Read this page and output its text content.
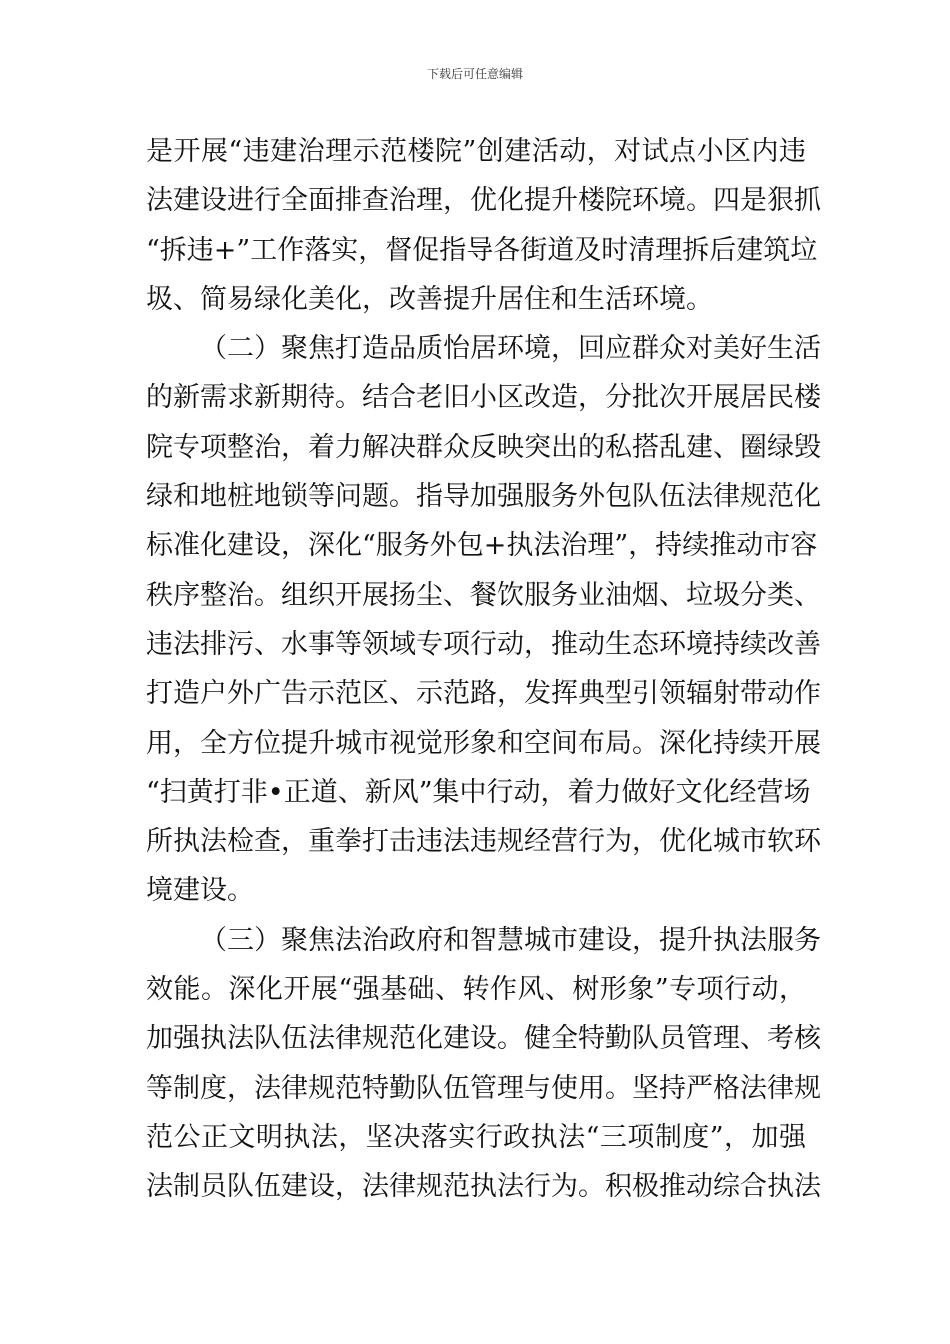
下载后可任意编辑
是开展“违建治理示范楼院”创建活动，对试点小区内违
法建设进行全面排查治理，优化提升楼院环境。四是狠抓
“拆违+”工作落实，督促指导各街道及时清理拆后建筑垃
圾、简易绿化美化，改善提升居住和生活环境。
（二）聚焦打造品质怡居环境，回应群众对美好生活
的新需求新期待。结合老旧小区改造，分批次开展居民楼
院专项整治，着力解决群众反映突出的私搭乱建、圈绿毁
绿和地桩地锁等问题。指导加强服务外包队伍法律规范化
标准化建设，深化“服务外包+执法治理”，持续推动市容
秩序整治。组织开展扬尘、餐饮服务业油烟、垃圾分类、
违法排污、水事等领域专项行动，推动生态环境持续改善
打造户外广告示范区、示范路，发挥典型引领辐射带动作
用，全方位提升城市视觉形象和空间布局。深化持续开展
“扫黄打非•正道、新风”集中行动，着力做好文化经营场
所执法检查，重拳打击违法违规经营行为，优化城市软环
境建设。
（三）聚焦法治政府和智慧城市建设，提升执法服务
效能。深化开展“强基础、转作风、树形象”专项行动，
加强执法队伍法律规范化建设。健全特勤队员管理、考核
等制度，法律规范特勤队伍管理与使用。坚持严格法律规
范公正文明执法，坚决落实行政执法“三项制度”，加强
法制员队伍建设，法律规范执法行为。积极推动综合执法
